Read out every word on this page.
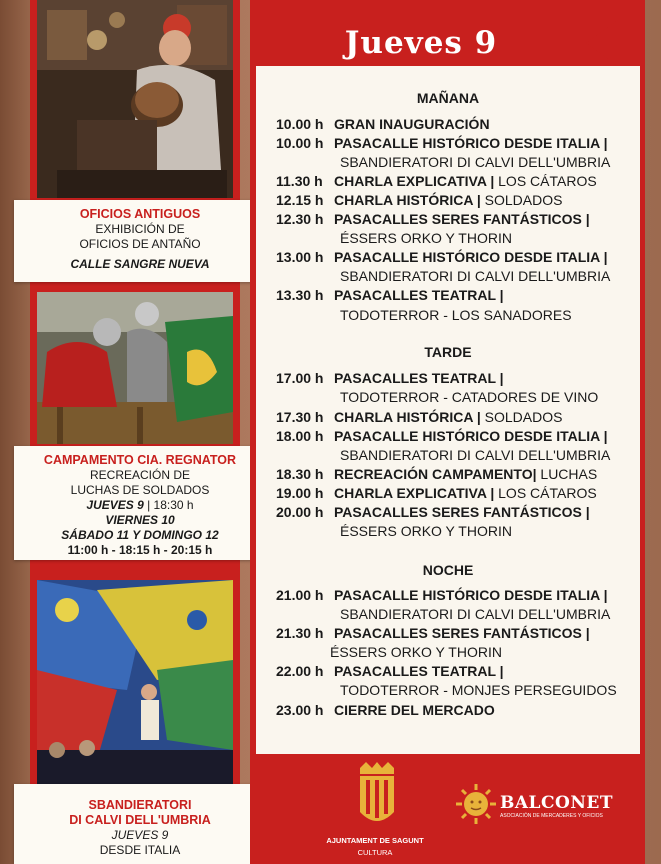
OFICIOS ANTIGUOS
EXHIBICIÓN DE
OFICIOS DE ANTAÑO
CALLE SANGRE NUEVA
CAMPAMENTO CIA. REGNATOR
RECREACIÓN DE
LUCHAS DE SOLDADOS
JUEVES 9 | 18:30 h
VIERNES 10
SÁBADO 11 Y DOMINGO 12
11:00 h - 18:15 h - 20:15 h
SBANDIERATORI
DI CALVI DELL'UMBRIA
JUEVES 9
DESDE ITALIA
Jueves 9
MAÑANA
TARDE
NOCHE
10.00 h GRAN INAUGURACIÓN
10.00 h PASACALLE HISTÓRICO DESDE ITALIA |
SBANDIERATORI DI CALVI DELL'UMBRIA
11.30 h CHARLA EXPLICATIVA | LOS CÁTAROS
12.15 h CHARLA HISTÓRICA | SOLDADOS
12.30 h PASACALLES SERES FANTÁSTICOS |
ÉSSERS ORKO Y THORIN
13.00 h PASACALLE HISTÓRICO DESDE ITALIA |
SBANDIERATORI DI CALVI DELL'UMBRIA
13.30 h PASACALLES TEATRAL |
TODOTERROR - LOS SANADORES
17.00 h PASACALLES TEATRAL |
TODOTERROR - CATADORES DE VINO
17.30 h CHARLA HISTÓRICA | SOLDADOS
18.00 h PASACALLE HISTÓRICO DESDE ITALIA |
SBANDIERATORI DI CALVI DELL'UMBRIA
18.30 h RECREACIÓN CAMPAMENTO| LUCHAS
19.00 h CHARLA EXPLICATIVA | LOS CÁTAROS
20.00 h PASACALLES SERES FANTÁSTICOS |
ÉSSERS ORKO Y THORIN
21.00 h PASACALLE HISTÓRICO DESDE ITALIA |
SBANDIERATORI DI CALVI DELL'UMBRIA
21.30 h PASACALLES SERES FANTÁSTICOS |
ÉSSERS ORKO Y THORIN
22.00 h PASACALLES TEATRAL |
TODOTERROR - MONJES PERSEGUIDOS
23.00 h CIERRE DEL MERCADO
AJUNTAMENT DE SAGUNT
CULTURA
BALCONET
ASOCIACIÓN DE MERCADERES Y OFICIOS
